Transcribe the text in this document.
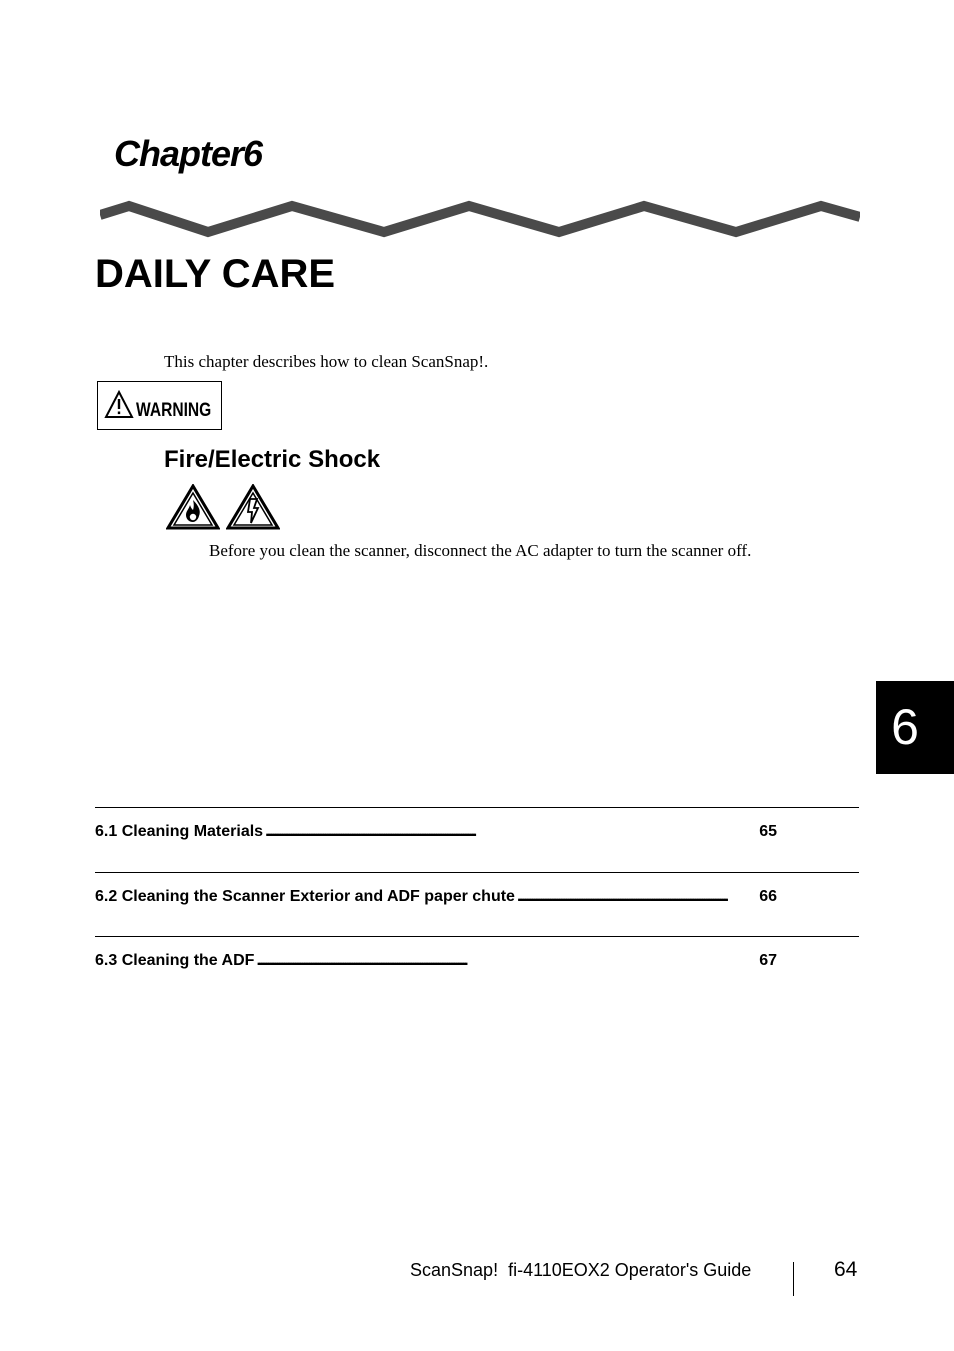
Chapter6
DAILY CARE
This chapter describes how to clean ScanSnap!.
WARNING
Fire/Electric Shock
Before you clean the scanner, disconnect the AC adapter to turn the scanner off.
6
6.1 Cleaning Materials . . .	65
6.2 Cleaning the Scanner Exterior and ADF paper chute . . .	66
6.3 Cleaning the ADF . . .	67
ScanSnap!  fi-4110EOX2 Operator's Guide	64
